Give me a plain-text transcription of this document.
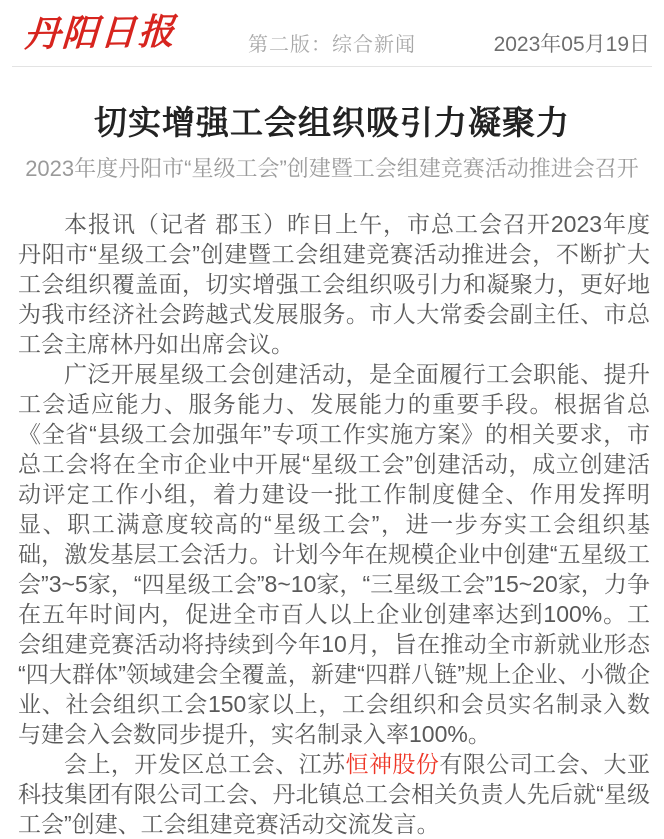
丹阳日报	第二版：综合新闻	2023年05月19日
切实增强工会组织吸引力凝聚力
2023年度丹阳市“星级工会”创建暨工会组建竞赛活动推进会召开

本报讯（记者 郡玉）昨日上午，市总工会召开2023年度丹阳市“星级工会”创建暨工会组建竞赛活动推进会，不断扩大工会组织覆盖面，切实增强工会组织吸引力和凝聚力，更好地为我市经济社会跨越式发展服务。市人大常委会副主任、市总工会主席林丹如出席会议。

广泛开展星级工会创建活动，是全面履行工会职能、提升工会适应能力、服务能力、发展能力的重要手段。根据省总《全省“县级工会加强年”专项工作实施方案》的相关要求，市总工会将在全市企业中开展“星级工会”创建活动，成立创建活动评定工作小组，着力建设一批工作制度健全、作用发挥明显、职工满意度较高的“星级工会”，进一步夯实工会组织基础，激发基层工会活力。计划今年在规模企业中创建“五星级工会”3~5家，“四星级工会”8~10家，“三星级工会”15~20家，力争在五年时间内，促进全市百人以上企业创建率达到100%。工会组建竞赛活动将持续到今年10月，旨在推动全市新就业形态“四大群体”领域建会全覆盖，新建“四群八链”规上企业、小微企业、社会组织工会150家以上，工会组织和会员实名制录入数与建会入会数同步提升，实名制录入率100%。

会上，开发区总工会、江苏恒神股份有限公司工会、大亚科技集团有限公司工会、丹北镇总工会相关负责人先后就“星级工会”创建、工会组建竞赛活动交流发言。
